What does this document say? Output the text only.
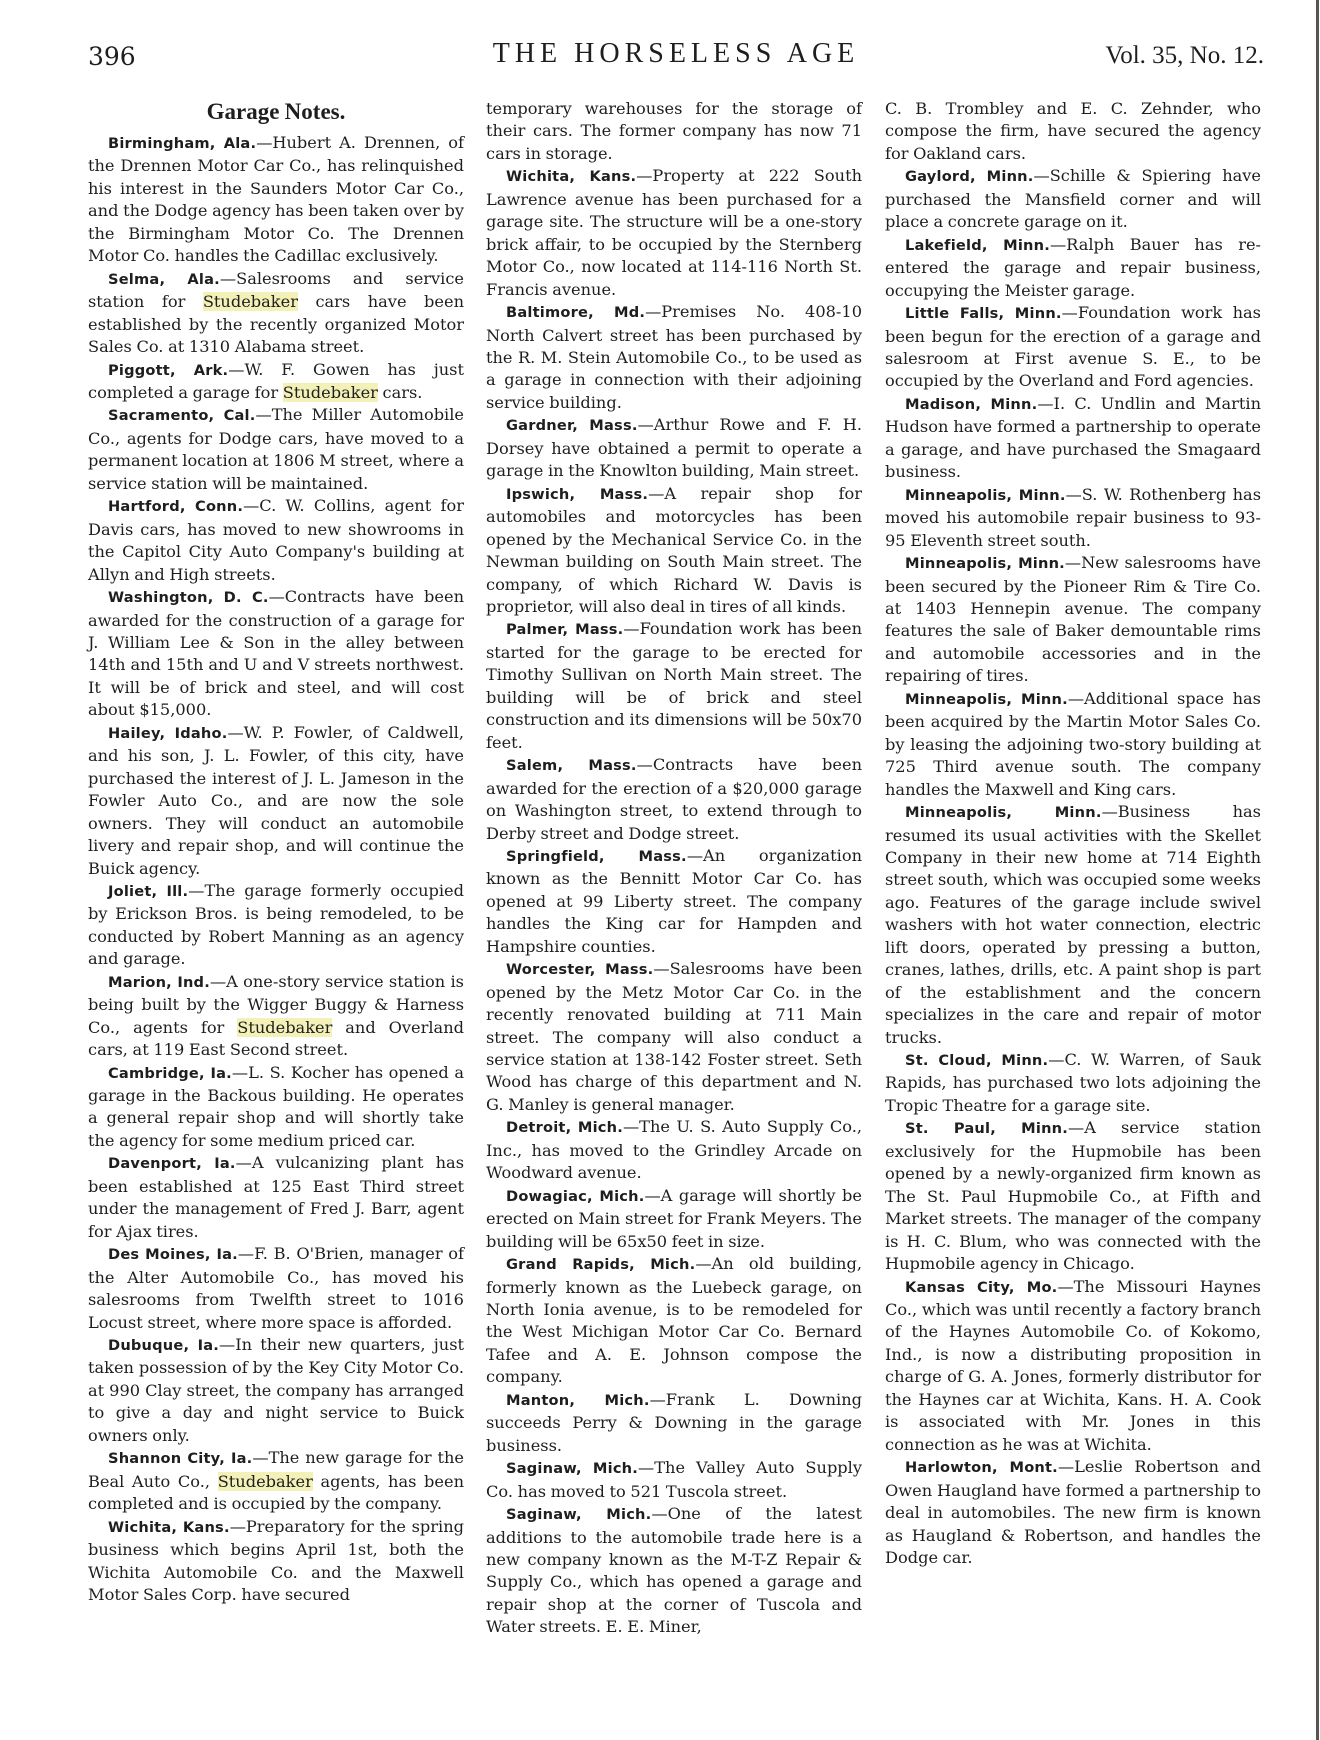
396	THE HORSELESS AGE	Vol. 35, No. 12.
Garage Notes.

Birmingham, Ala.—Hubert A. Drennen, of the Drennen Motor Car Co., has relinquished his interest in the Saunders Motor Car Co., and the Dodge agency has been taken over by the Birmingham Motor Co. The Drennen Motor Co. handles the Cadillac exclusively.

Selma, Ala.—Salesrooms and service station for Studebaker cars have been established by the recently organized Motor Sales Co. at 1310 Alabama street.

Piggott, Ark.—W. F. Gowen has just completed a garage for Studebaker cars.

Sacramento, Cal.—The Miller Automobile Co., agents for Dodge cars, have moved to a permanent location at 1806 M street, where a service station will be maintained.

Hartford, Conn.—C. W. Collins, agent for Davis cars, has moved to new showrooms in the Capitol City Auto Company's building at Allyn and High streets.

Washington, D. C.—Contracts have been awarded for the construction of a garage for J. William Lee & Son in the alley between 14th and 15th and U and V streets northwest. It will be of brick and steel, and will cost about $15,000.

Hailey, Idaho.—W. P. Fowler, of Caldwell, and his son, J. L. Fowler, of this city, have purchased the interest of J. L. Jameson in the Fowler Auto Co., and are now the sole owners. They will conduct an automobile livery and repair shop, and will continue the Buick agency.

Joliet, Ill.—The garage formerly occupied by Erickson Bros. is being remodeled, to be conducted by Robert Manning as an agency and garage.

Marion, Ind.—A one-story service station is being built by the Wigger Buggy & Harness Co., agents for Studebaker and Overland cars, at 119 East Second street.

Cambridge, Ia.—L. S. Kocher has opened a garage in the Backous building. He operates a general repair shop and will shortly take the agency for some medium priced car.

Davenport, Ia.—A vulcanizing plant has been established at 125 East Third street under the management of Fred J. Barr, agent for Ajax tires.

Des Moines, Ia.—F. B. O'Brien, manager of the Alter Automobile Co., has moved his salesrooms from Twelfth street to 1016 Locust street, where more space is afforded.

Dubuque, Ia.—In their new quarters, just taken possession of by the Key City Motor Co. at 990 Clay street, the company has arranged to give a day and night service to Buick owners only.

Shannon City, Ia.—The new garage for the Beal Auto Co., Studebaker agents, has been completed and is occupied by the company.

Wichita, Kans.—Preparatory for the spring business which begins April 1st, both the Wichita Automobile Co. and the Maxwell Motor Sales Corp. have secured

temporary warehouses for the storage of their cars. The former company has now 71 cars in storage.

Wichita, Kans.—Property at 222 South Lawrence avenue has been purchased for a garage site. The structure will be a one-story brick affair, to be occupied by the Sternberg Motor Co., now located at 114-116 North St. Francis avenue.

Baltimore, Md.—Premises No. 408-10 North Calvert street has been purchased by the R. M. Stein Automobile Co., to be used as a garage in connection with their adjoining service building.

Gardner, Mass.—Arthur Rowe and F. H. Dorsey have obtained a permit to operate a garage in the Knowlton building, Main street.

Ipswich, Mass.—A repair shop for automobiles and motorcycles has been opened by the Mechanical Service Co. in the Newman building on South Main street. The company, of which Richard W. Davis is proprietor, will also deal in tires of all kinds.

Palmer, Mass.—Foundation work has been started for the garage to be erected for Timothy Sullivan on North Main street. The building will be of brick and steel construction and its dimensions will be 50x70 feet.

Salem, Mass.—Contracts have been awarded for the erection of a $20,000 garage on Washington street, to extend through to Derby street and Dodge street.

Springfield, Mass.—An organization known as the Bennitt Motor Car Co. has opened at 99 Liberty street. The company handles the King car for Hampden and Hampshire counties.

Worcester, Mass.—Salesrooms have been opened by the Metz Motor Car Co. in the recently renovated building at 711 Main street. The company will also conduct a service station at 138-142 Foster street. Seth Wood has charge of this department and N. G. Manley is general manager.

Detroit, Mich.—The U. S. Auto Supply Co., Inc., has moved to the Grindley Arcade on Woodward avenue.

Dowagiac, Mich.—A garage will shortly be erected on Main street for Frank Meyers. The building will be 65x50 feet in size.

Grand Rapids, Mich.—An old building, formerly known as the Luebeck garage, on North Ionia avenue, is to be remodeled for the West Michigan Motor Car Co. Bernard Tafee and A. E. Johnson compose the company.

Manton, Mich.—Frank L. Downing succeeds Perry & Downing in the garage business.

Saginaw, Mich.—The Valley Auto Supply Co. has moved to 521 Tuscola street.

Saginaw, Mich.—One of the latest additions to the automobile trade here is a new company known as the M-T-Z Repair & Supply Co., which has opened a garage and repair shop at the corner of Tuscola and Water streets. E. E. Miner,

C. B. Trombley and E. C. Zehnder, who compose the firm, have secured the agency for Oakland cars.

Gaylord, Minn.—Schille & Spiering have purchased the Mansfield corner and will place a concrete garage on it.

Lakefield, Minn.—Ralph Bauer has re-entered the garage and repair business, occupying the Meister garage.

Little Falls, Minn.—Foundation work has been begun for the erection of a garage and salesroom at First avenue S. E., to be occupied by the Overland and Ford agencies.

Madison, Minn.—I. C. Undlin and Martin Hudson have formed a partnership to operate a garage, and have purchased the Smagaard business.

Minneapolis, Minn.—S. W. Rothenberg has moved his automobile repair business to 93-95 Eleventh street south.

Minneapolis, Minn.—New salesrooms have been secured by the Pioneer Rim & Tire Co. at 1403 Hennepin avenue. The company features the sale of Baker demountable rims and automobile accessories and in the repairing of tires.

Minneapolis, Minn.—Additional space has been acquired by the Martin Motor Sales Co. by leasing the adjoining two-story building at 725 Third avenue south. The company handles the Maxwell and King cars.

Minneapolis, Minn.—Business has resumed its usual activities with the Skellet Company in their new home at 714 Eighth street south, which was occupied some weeks ago. Features of the garage include swivel washers with hot water connection, electric lift doors, operated by pressing a button, cranes, lathes, drills, etc. A paint shop is part of the establishment and the concern specializes in the care and repair of motor trucks.

St. Cloud, Minn.—C. W. Warren, of Sauk Rapids, has purchased two lots adjoining the Tropic Theatre for a garage site.

St. Paul, Minn.—A service station exclusively for the Hupmobile has been opened by a newly-organized firm known as The St. Paul Hupmobile Co., at Fifth and Market streets. The manager of the company is H. C. Blum, who was connected with the Hupmobile agency in Chicago.

Kansas City, Mo.—The Missouri Haynes Co., which was until recently a factory branch of the Haynes Automobile Co. of Kokomo, Ind., is now a distributing proposition in charge of G. A. Jones, formerly distributor for the Haynes car at Wichita, Kans. H. A. Cook is associated with Mr. Jones in this connection as he was at Wichita.

Harlowton, Mont.—Leslie Robertson and Owen Haugland have formed a partnership to deal in automobiles. The new firm is known as Haugland & Robertson, and handles the Dodge car.
